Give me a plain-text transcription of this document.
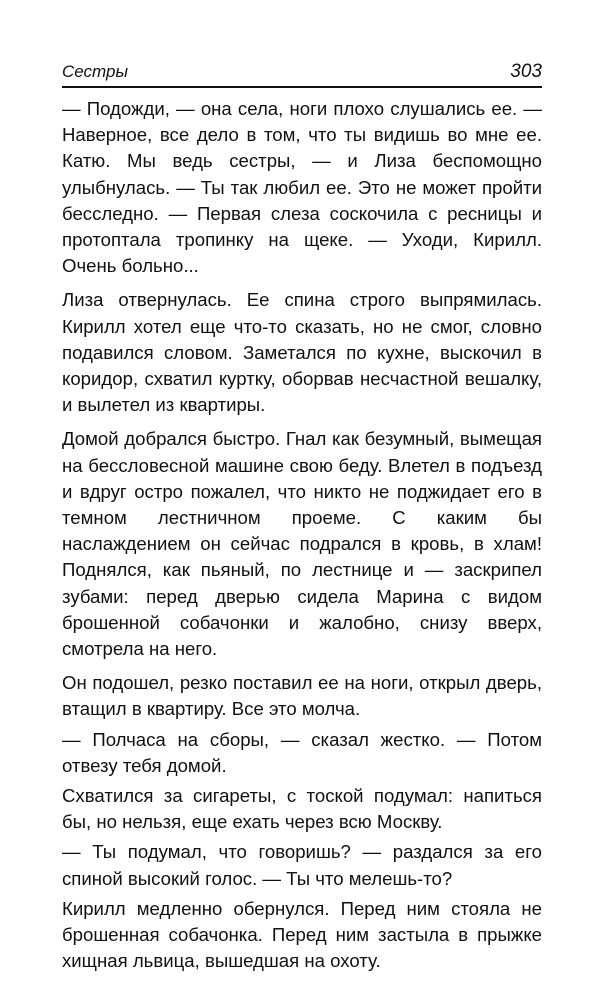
Сестры	303

— Подожди, — она села, ноги плохо слушались ее. — Наверное, все дело в том, что ты видишь во мне ее. Катю. Мы ведь сестры, — и Лиза беспомощно улыбнулась. — Ты так любил ее. Это не может пройти бесследно. — Первая слеза соскочила с ресницы и протоптала тропинку на щеке. — Уходи, Кирилл. Очень больно...

Лиза отвернулась. Ее спина строго выпрямилась. Кирилл хотел еще что-то сказать, но не смог, словно подавился словом. Заметался по кухне, выскочил в коридор, схватил куртку, оборвав несчастной вешалку, и вылетел из квартиры.

Домой добрался быстро. Гнал как безумный, вымещая на бессловесной машине свою беду. Влетел в подъезд и вдруг остро пожалел, что никто не поджидает его в темном лестничном проеме. С каким бы наслаждением он сейчас подрался в кровь, в хлам! Поднялся, как пьяный, по лестнице и — заскрипел зубами: перед дверью сидела Марина с видом брошенной собачонки и жалобно, снизу вверх, смотрела на него.

Он подошел, резко поставил ее на ноги, открыл дверь, втащил в квартиру. Все это молча.

— Полчаса на сборы, — сказал жестко. — Потом отвезу тебя домой.

Схватился за сигареты, с тоской подумал: напиться бы, но нельзя, еще ехать через всю Москву.

— Ты подумал, что говоришь? — раздался за его спиной высокий голос. — Ты что мелешь-то?

Кирилл медленно обернулся. Перед ним стояла не брошенная собачонка. Перед ним застыла в прыжке хищная львица, вышедшая на охоту.
